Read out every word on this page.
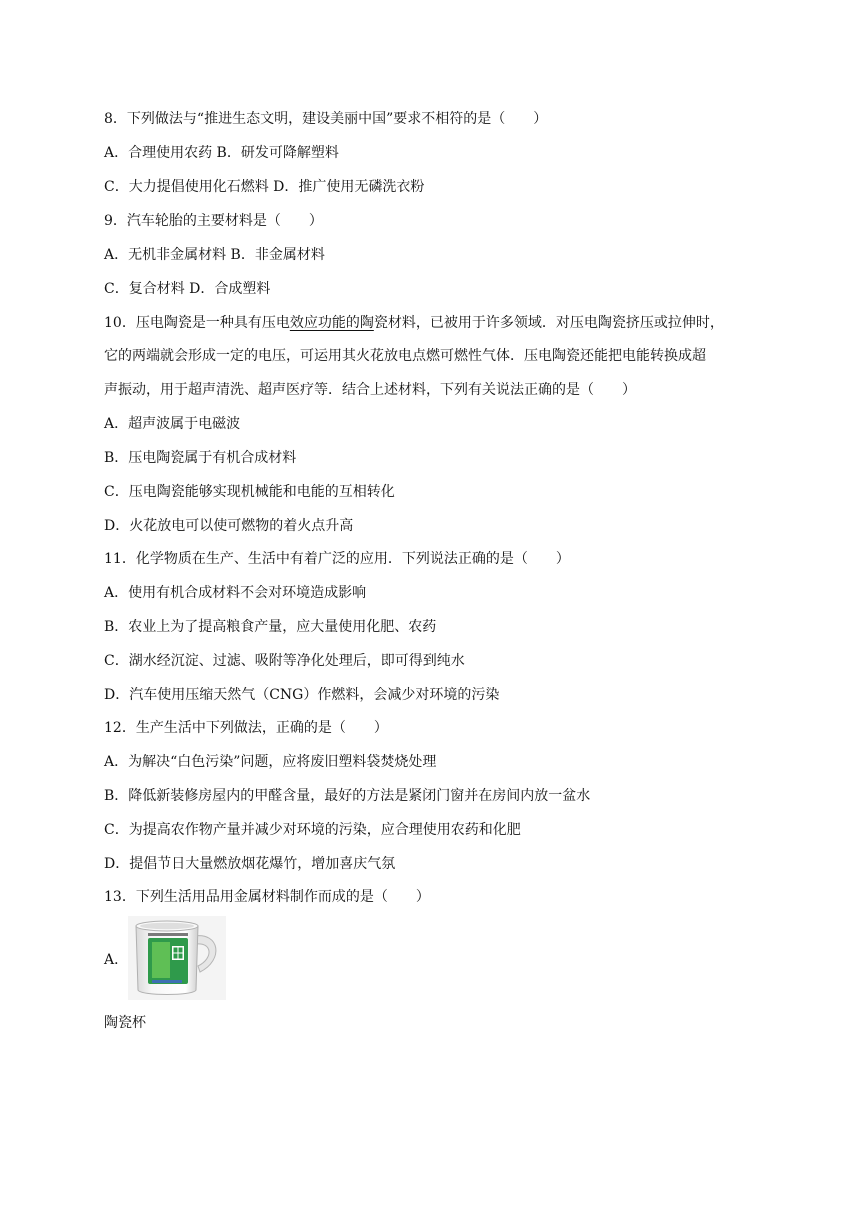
8．下列做法与“推进生态文明，建设美丽中国”要求不相符的是（　　）
A．合理使用农药 B．研发可降解塑料
C．大力提倡使用化石燃料 D．推广使用无磷洗衣粉
9．汽车轮胎的主要材料是（　　）
A．无机非金属材料 B．非金属材料
C．复合材料 D．合成塑料
10．压电陶瓷是一种具有压电效应功能的陶瓷材料，已被用于许多领域．对压电陶瓷挤压或拉伸时，
它的两端就会形成一定的电压，可运用其火花放电点燃可燃性气体．压电陶瓷还能把电能转换成超
声振动，用于超声清洗、超声医疗等．结合上述材料，下列有关说法正确的是（　　）
A．超声波属于电磁波
B．压电陶瓷属于有机合成材料
C．压电陶瓷能够实现机械能和电能的互相转化
D．火花放电可以使可燃物的着火点升高
11．化学物质在生产、生活中有着广泛的应用．下列说法正确的是（　　）
A．使用有机合成材料不会对环境造成影响
B．农业上为了提高粮食产量，应大量使用化肥、农药
C．湖水经沉淀、过滤、吸附等净化处理后，即可得到纯水
D．汽车使用压缩天然气（CNG）作燃料，会减少对环境的污染
12．生产生活中下列做法，正确的是（　　）
A．为解决“白色污染”问题，应将废旧塑料袋焚烧处理
B．降低新装修房屋内的甲醛含量，最好的方法是紧闭门窗并在房间内放一盆水
C．为提高农作物产量并减少对环境的污染，应合理使用农药和化肥
D．提倡节日大量燃放烟花爆竹，增加喜庆气氛
13．下列生活用品用金属材料制作而成的是（　　）
A．
陶瓷杯
